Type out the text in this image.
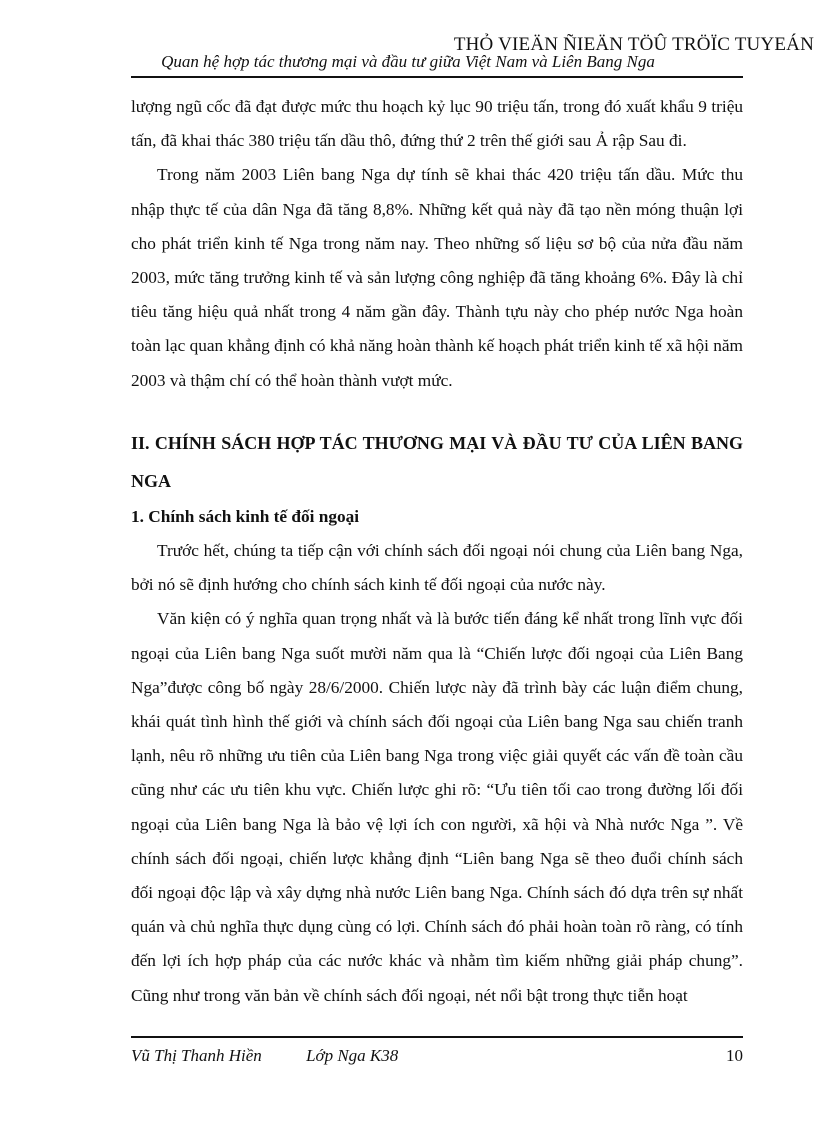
THỎ VIEÄN ÑIEÄN TÖÛ TRÖÏC TUYEÁN
Quan hệ hợp tác thương mại và đầu tư giữa Việt Nam và Liên Bang Nga

lượng ngũ cốc đã đạt được mức thu hoạch kỷ lục 90 triệu tấn, trong đó xuất khẩu 9 triệu tấn, đã khai thác 380 triệu tấn dầu thô, đứng thứ 2 trên thế giới sau Ả rập Sau đi.

Trong năm 2003 Liên bang Nga dự tính sẽ khai thác 420 triệu tấn dầu. Mức thu nhập thực tế của dân Nga đã tăng 8,8%. Những kết quả này đã tạo nền móng thuận lợi cho phát triển kinh tế Nga trong năm nay. Theo những số liệu sơ bộ của nửa đầu năm 2003, mức tăng trưởng kinh tế và sản lượng công nghiệp đã tăng khoảng 6%. Đây là chỉ tiêu tăng hiệu quả nhất trong 4 năm gần đây. Thành tựu này cho phép nước Nga hoàn toàn lạc quan khẳng định có khả năng hoàn thành kế hoạch phát triển kinh tế xã hội năm 2003 và thậm chí có thể hoàn thành vượt mức.

II. CHÍNH SÁCH HỢP TÁC THƯƠNG MẠI VÀ ĐẦU TƯ CỦA LIÊN BANG NGA

1. Chính sách kinh tế đối ngoại

Trước hết, chúng ta tiếp cận với chính sách đối ngoại nói chung của Liên bang Nga, bởi nó sẽ định hướng cho chính sách kinh tế đối ngoại của nước này.

Văn kiện có ý nghĩa quan trọng nhất và là bước tiến đáng kể nhất trong lĩnh vực đối ngoại của Liên bang Nga suốt mười năm qua là “Chiến lược đối ngoại của Liên Bang Nga”được công bố ngày 28/6/2000. Chiến lược này đã trình bày các luận điểm chung, khái quát tình hình thế giới và chính sách đối ngoại của Liên bang Nga sau chiến tranh lạnh, nêu rõ những ưu tiên của Liên bang Nga trong việc giải quyết các vấn đề toàn cầu cũng như các ưu tiên khu vực. Chiến lược ghi rõ: “Ưu tiên tối cao trong đường lối đối ngoại của Liên bang Nga là bảo vệ lợi ích con người, xã hội và Nhà nước Nga ”. Về chính sách đối ngoại, chiến lược khẳng định “Liên bang Nga sẽ theo đuổi chính sách đối ngoại độc lập và xây dựng nhà nước Liên bang Nga. Chính sách đó dựa trên sự nhất quán và chủ nghĩa thực dụng cùng có lợi. Chính sách đó phải hoàn toàn rõ ràng, có tính đến lợi ích hợp pháp của các nước khác và nhằm tìm kiếm những giải pháp chung”. Cũng như trong văn bản về chính sách đối ngoại, nét nổi bật trong thực tiễn hoạt

Vũ Thị Thanh Hiền	Lớp Nga K38	10
